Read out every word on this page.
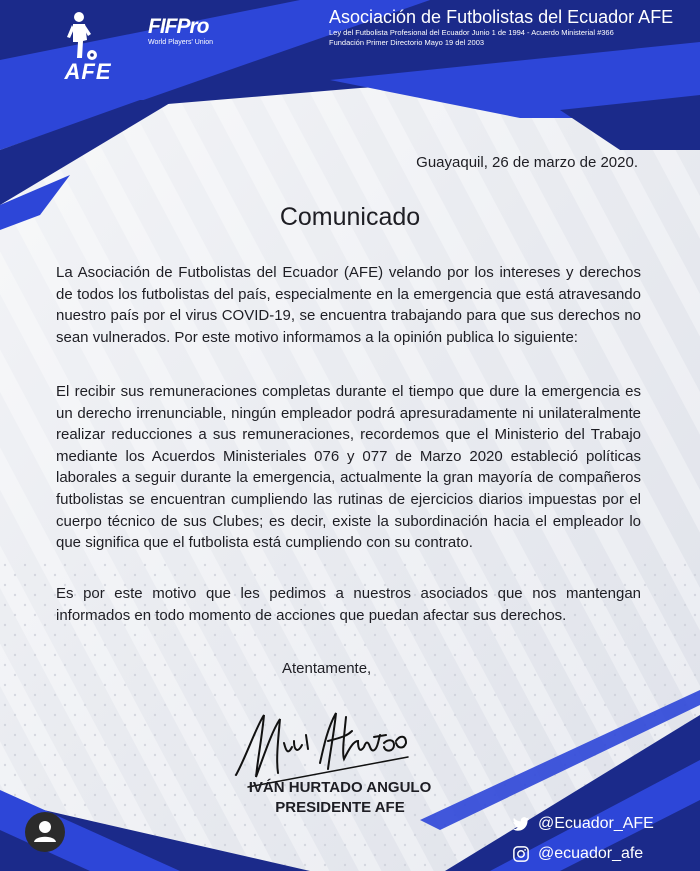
AFE
FIFPro
World Players' Union
Asociación de Futbolistas del Ecuador AFE
Ley del Futbolista Profesional del Ecuador Junio 1 de 1994 - Acuerdo Ministerial #366
Fundación Primer Directorio Mayo 19 del 2003
Guayaquil, 26 de marzo de 2020.
Comunicado

La Asociación de Futbolistas del Ecuador (AFE) velando por los intereses y derechos de todos los futbolistas del país, especialmente en la emergencia que está atravesando nuestro país por el virus COVID-19, se encuentra trabajando para que sus derechos no sean vulnerados. Por este motivo informamos a la opinión publica lo siguiente:

El recibir sus remuneraciones completas durante el tiempo que dure la emergencia es un derecho irrenunciable, ningún empleador podrá apresuradamente ni unilateralmente realizar reducciones a sus remuneraciones, recordemos que el Ministerio del Trabajo mediante los Acuerdos Ministeriales 076 y 077 de Marzo 2020 estableció políticas laborales a seguir durante la emergencia, actualmente la gran mayoría de compañeros futbolistas se encuentran cumpliendo las rutinas de ejercicios diarios impuestas por el cuerpo técnico de sus Clubes; es decir, existe la subordinación hacia el empleador lo que significa que el futbolista está cumpliendo con su contrato.

Es por este motivo que les pedimos a nuestros asociados que nos mantengan informados en todo momento de acciones que puedan afectar sus derechos.

Atentamente,
IVÁN HURTADO ANGULO
PRESIDENTE AFE
@Ecuador_AFE
@ecuador_afe
